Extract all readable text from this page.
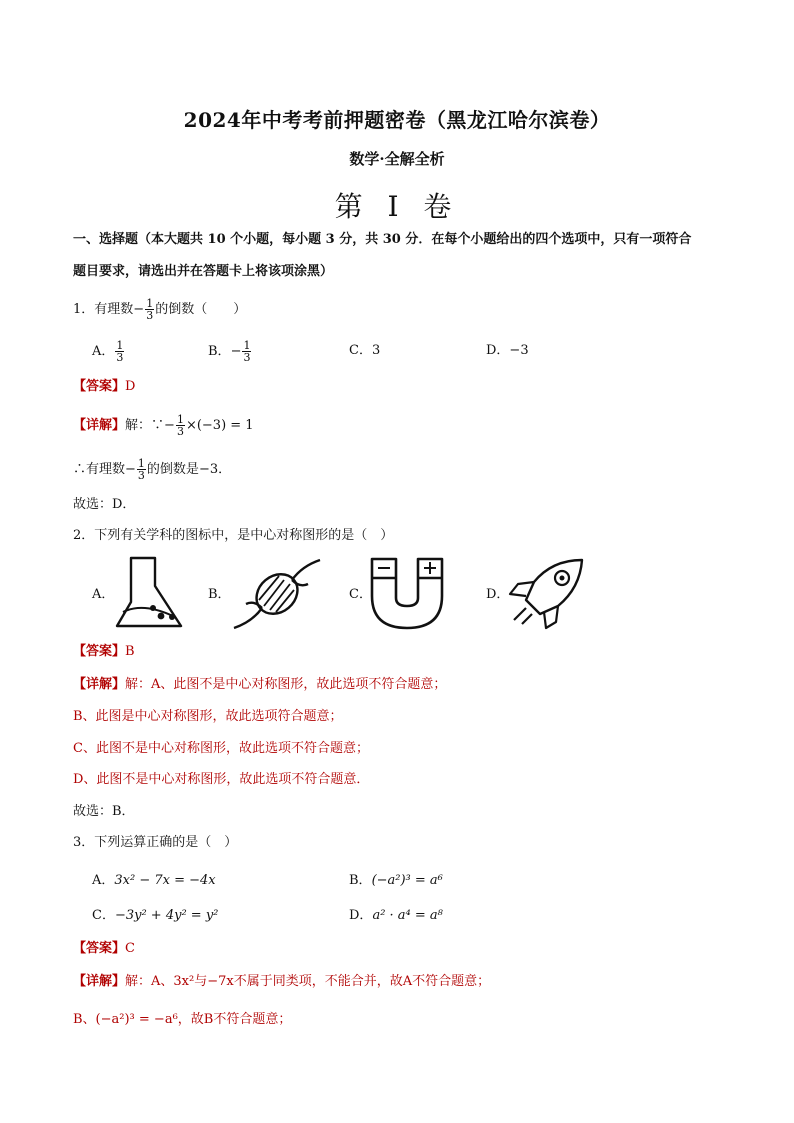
2024年中考考前押题密卷（黑龙江哈尔滨卷）
数学·全解全析
第 I 卷
一、选择题（本大题共 10 个小题，每小题 3 分，共 30 分．在每个小题给出的四个选项中，只有一项符合
题目要求，请选出并在答题卡上将该项涂黑）
1．有理数− $\frac{1}{3}$ 的倒数（　　）
A． $\frac{1}{3}$	B．− $\frac{1}{3}$	C．3	D．−3
【答案】D
【详解】解：∵− $\frac{1}{3} \times(-3) = 1$
∴有理数− $\frac{1}{3}$ 的倒数是−3．
故选：D．
2．下列有关学科的图标中，是中心对称图形的是（　）
A．	B．	C．	D．
【答案】B
【详解】解：A、此图不是中心对称图形，故此选项不符合题意；
B、此图是中心对称图形，故此选项符合题意；
C、此图不是中心对称图形，故此选项不符合题意；
D、此图不是中心对称图形，故此选项不符合题意．
故选：B．
3．下列运算正确的是（　）
A．3x² − 7x = −4x	B．(−a²)³ = a⁶
C．−3y² + 4y² = y²	D．a² · a⁴ = a⁸
【答案】C
【详解】解：A、3x²与−7x不属于同类项，不能合并，故A不符合题意；
B、(−a²)³ = −a⁶，故B不符合题意；
